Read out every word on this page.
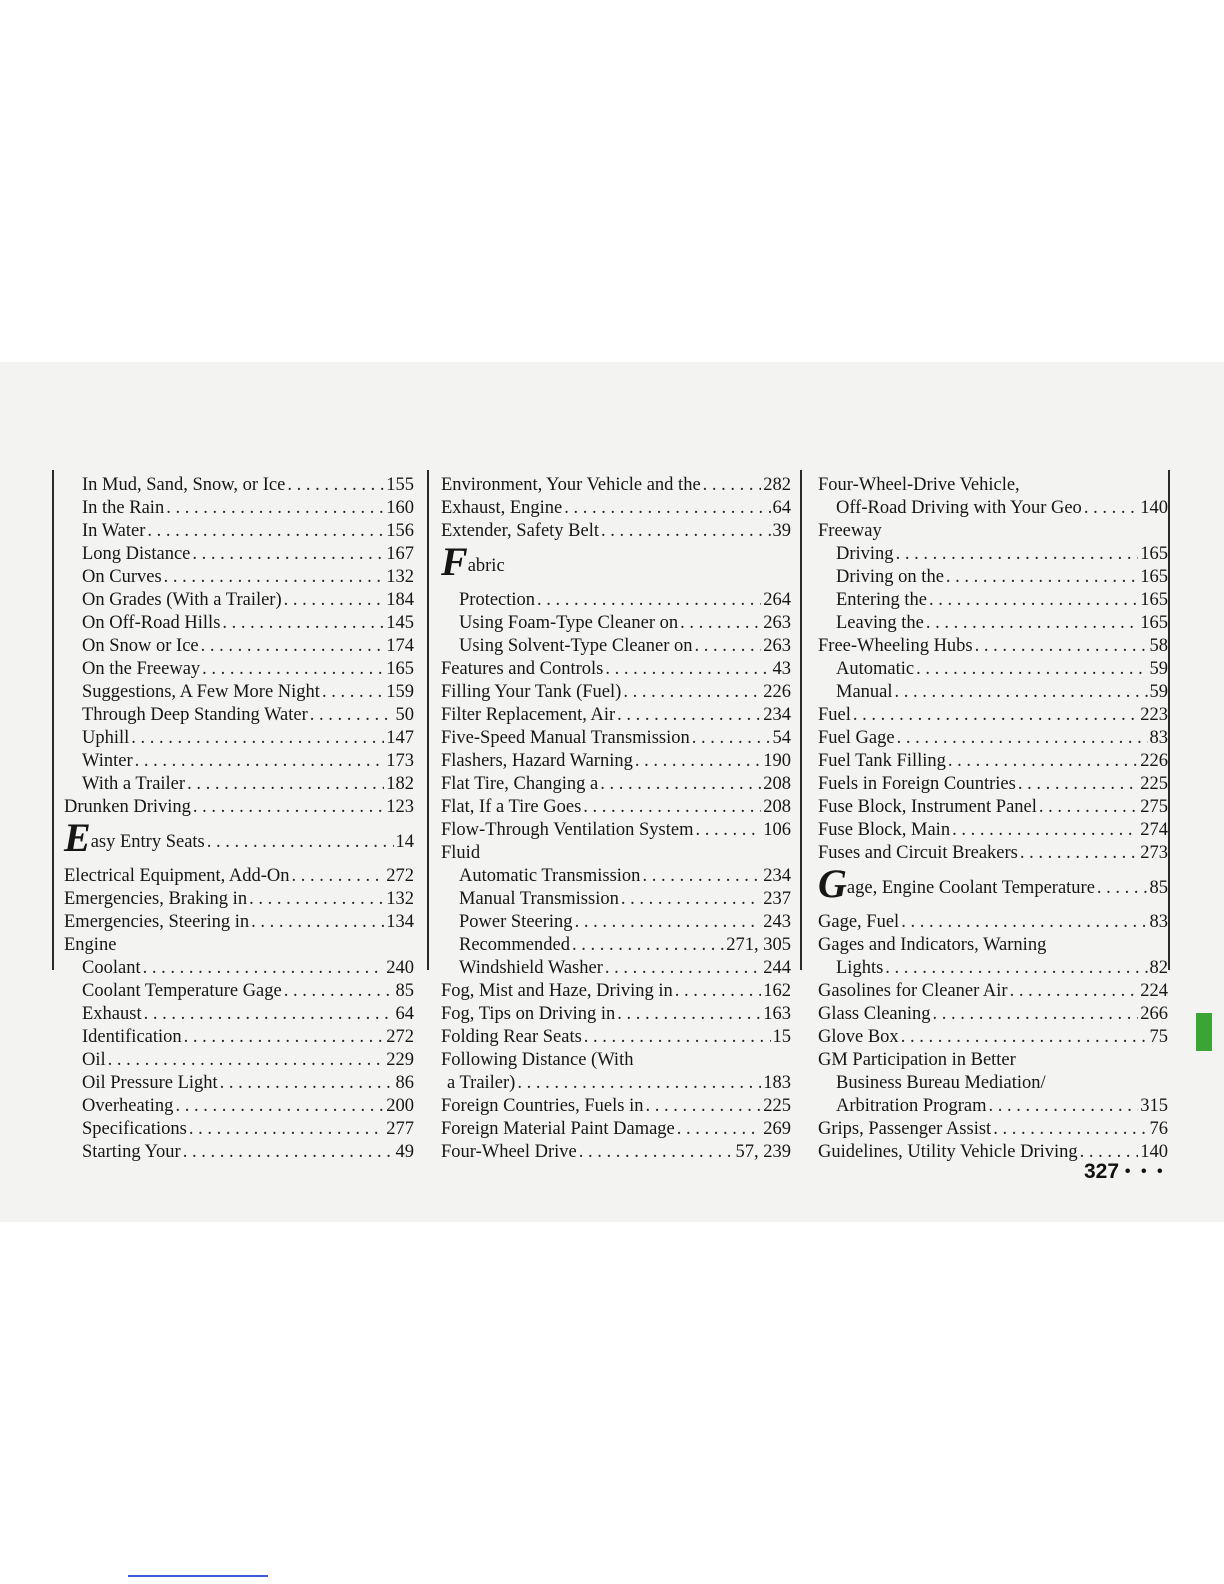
In Mud, Sand, Snow, or Ice . . .	155
In the Rain . . .	160
In Water . . .	156
Long Distance . . .	167
On Curves . . .	132
On Grades (With a Trailer) . . .	184
On Off-Road Hills . . .	145
On Snow or Ice . . .	174
On the Freeway . . .	165
Suggestions, A Few More Night . . .	159
Through Deep Standing Water . . .	50
Uphill . . .	147
Winter . . .	173
With a Trailer . . .	182
Drunken Driving . . .	123
Easy Entry Seats . . .	14
Electrical Equipment, Add-On . . .	272
Emergencies, Braking in . . .	132
Emergencies, Steering in . . .	134
Engine
Coolant . . .	240
Coolant Temperature Gage . . .	85
Exhaust . . .	64
Identification . . .	272
Oil . . .	229
Oil Pressure Light . . .	86
Overheating . . .	200
Specifications . . .	277
Starting Your . . .	49
Environment, Your Vehicle and the . . .	282
Exhaust, Engine . . .	64
Extender, Safety Belt . . .	39
Fabric
Protection . . .	264
Using Foam-Type Cleaner on . . .	263
Using Solvent-Type Cleaner on . . .	263
Features and Controls . . .	43
Filling Your Tank (Fuel) . . .	226
Filter Replacement, Air . . .	234
Five-Speed Manual Transmission . . .	54
Flashers, Hazard Warning . . .	190
Flat Tire, Changing a . . .	208
Flat, If a Tire Goes . . .	208
Flow-Through Ventilation System . . .	106
Fluid
Automatic Transmission . . .	234
Manual Transmission . . .	237
Power Steering . . .	243
Recommended . . .	271, 305
Windshield Washer . . .	244
Fog, Mist and Haze, Driving in . . .	162
Fog, Tips on Driving in . . .	163
Folding Rear Seats . . .	15
Following Distance (With
a Trailer) . . .	183
Foreign Countries, Fuels in . . .	225
Foreign Material Paint Damage . . .	269
Four-Wheel Drive . . .	57, 239
Four-Wheel-Drive Vehicle,
Off-Road Driving with Your Geo . . .	140
Freeway
Driving . . .	165
Driving on the . . .	165
Entering the . . .	165
Leaving the . . .	165
Free-Wheeling Hubs . . .	58
Automatic . . .	59
Manual . . .	59
Fuel . . .	223
Fuel Gage . . .	83
Fuel Tank Filling . . .	226
Fuels in Foreign Countries . . .	225
Fuse Block, Instrument Panel . . .	275
Fuse Block, Main . . .	274
Fuses and Circuit Breakers . . .	273
Gage, Engine Coolant Temperature . . .	85
Gage, Fuel . . .	83
Gages and Indicators, Warning
Lights . . .	82
Gasolines for Cleaner Air . . .	224
Glass Cleaning . . .	266
Glove Box . . .	75
GM Participation in Better
Business Bureau Mediation/
Arbitration Program . . .	315
Grips, Passenger Assist . . .	76
Guidelines, Utility Vehicle Driving . . .	140
327 • • •
